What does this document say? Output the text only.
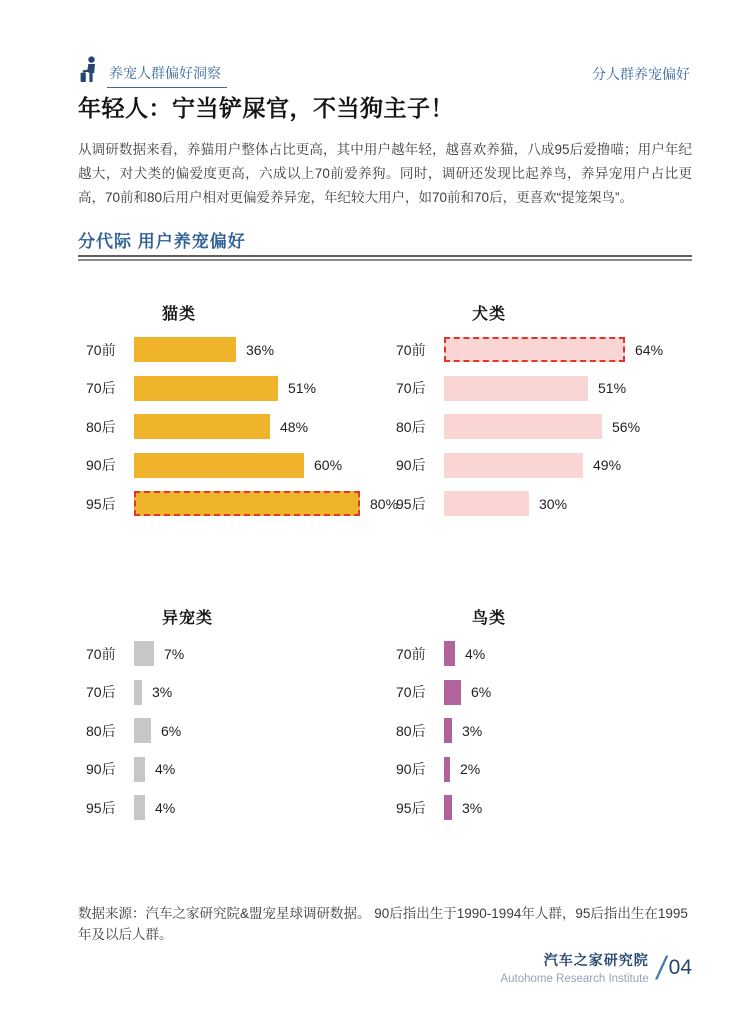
养宠人群偏好洞察	分人群养宠偏好
年轻人：宁当铲屎官，不当狗主子！
从调研数据来看，养猫用户整体占比更高，其中用户越年轻，越喜欢养猫，八成95后爱撸喵；用户年纪越大，对犬类的偏爱度更高，六成以上70前爱养狗。同时，调研还发现比起养鸟，养异宠用户占比更高，70前和80后用户相对更偏爱养异宠，年纪较大用户，如70前和70后，更喜欢“提笼架鸟”。
分代际 用户养宠偏好
猫类
70前	36%
70后	51%
80后	48%
90后	60%
95后	80%
犬类
70前	64%
70后	51%
80后	56%
90后	49%
95后	30%
异宠类
70前	7%
70后	3%
80后	6%
90后	4%
95后	4%
鸟类
70前	4%
70后	6%
80后	3%
90后	2%
95后	3%
数据来源：汽车之家研究院&盟宠星球调研数据。 90后指出生于1990-1994年人群，95后指出生在1995年及以后人群。
汽车之家研究院
Autohome Research Institute / 04
